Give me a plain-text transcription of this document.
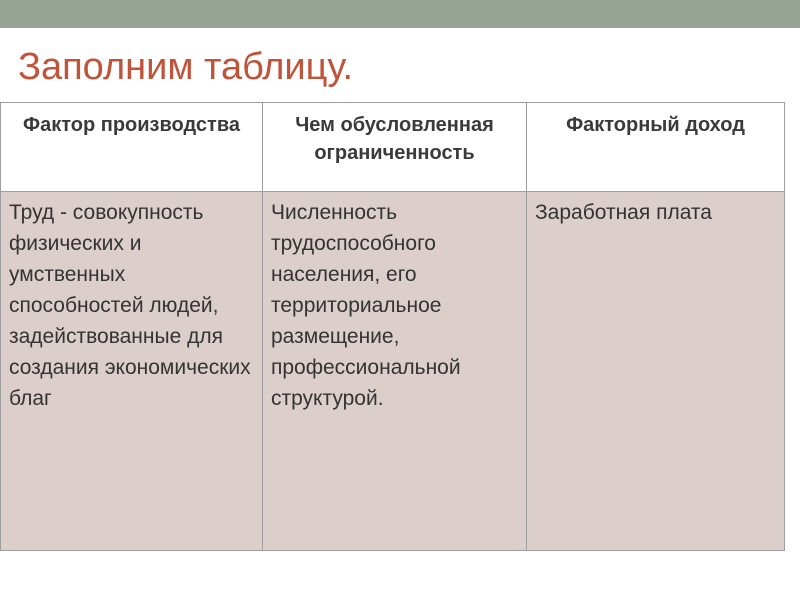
Заполним таблицу.
Фактор производства	Чем обусловленная ограниченность	Факторный доход
Труд - совокупность физических и умственных способностей людей, задействованные для создания экономических благ	Численность трудоспособного населения, его территориальное размещение, профессиональной структурой.	Заработная плата
